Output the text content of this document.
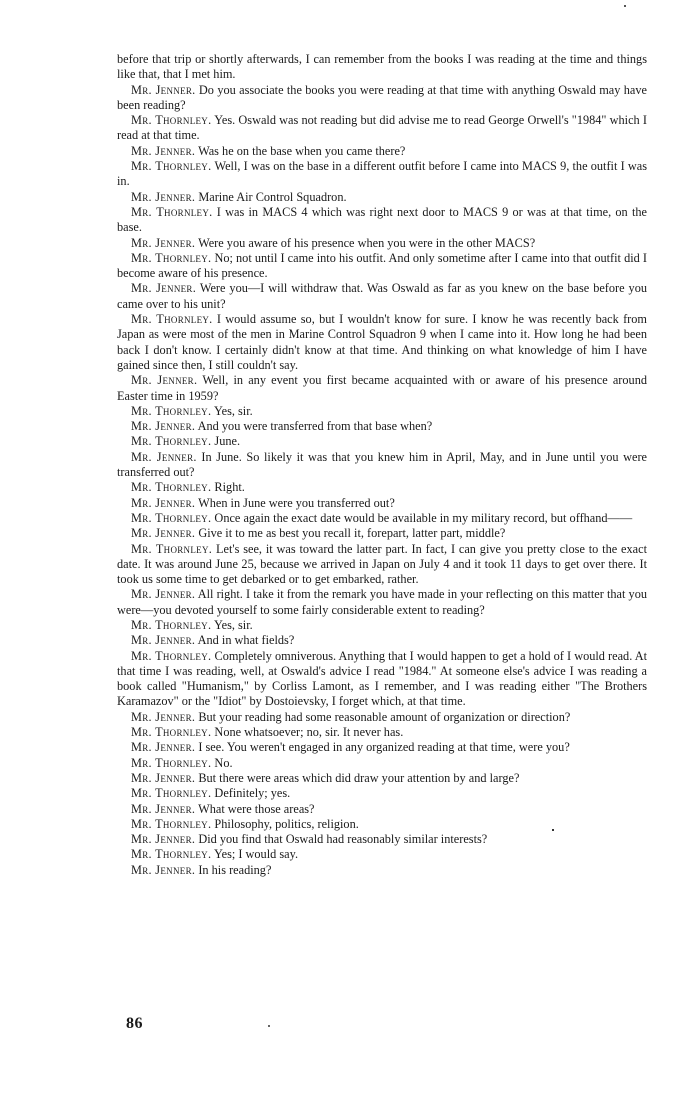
before that trip or shortly afterwards, I can remember from the books I was reading at the time and things like that, that I met him.

Mr. Jenner. Do you associate the books you were reading at that time with anything Oswald may have been reading?

Mr. Thornley. Yes. Oswald was not reading but did advise me to read George Orwell's "1984" which I read at that time.

Mr. Jenner. Was he on the base when you came there?

Mr. Thornley. Well, I was on the base in a different outfit before I came into MACS 9, the outfit I was in.

Mr. Jenner. Marine Air Control Squadron.

Mr. Thornley. I was in MACS 4 which was right next door to MACS 9 or was at that time, on the base.

Mr. Jenner. Were you aware of his presence when you were in the other MACS?

Mr. Thornley. No; not until I came into his outfit. And only sometime after I came into that outfit did I become aware of his presence.

Mr. Jenner. Were you—I will withdraw that. Was Oswald as far as you knew on the base before you came over to his unit?

Mr. Thornley. I would assume so, but I wouldn't know for sure. I know he was recently back from Japan as were most of the men in Marine Control Squadron 9 when I came into it. How long he had been back I don't know. I certainly didn't know at that time. And thinking on what knowledge of him I have gained since then, I still couldn't say.

Mr. Jenner. Well, in any event you first became acquainted with or aware of his presence around Easter time in 1959?

Mr. Thornley. Yes, sir.

Mr. Jenner. And you were transferred from that base when?

Mr. Thornley. June.

Mr. Jenner. In June. So likely it was that you knew him in April, May, and in June until you were transferred out?

Mr. Thornley. Right.

Mr. Jenner. When in June were you transferred out?

Mr. Thornley. Once again the exact date would be available in my military record, but offhand——

Mr. Jenner. Give it to me as best you recall it, forepart, latter part, middle?

Mr. Thornley. Let's see, it was toward the latter part. In fact, I can give you pretty close to the exact date. It was around June 25, because we arrived in Japan on July 4 and it took 11 days to get over there. It took us some time to get debarked or to get embarked, rather.

Mr. Jenner. All right. I take it from the remark you have made in your reflecting on this matter that you were—you devoted yourself to some fairly considerable extent to reading?

Mr. Thornley. Yes, sir.

Mr. Jenner. And in what fields?

Mr. Thornley. Completely omniverous. Anything that I would happen to get a hold of I would read. At that time I was reading, well, at Oswald's advice I read "1984." At someone else's advice I was reading a book called "Humanism," by Corliss Lamont, as I remember, and I was reading either "The Brothers Karamazov" or the "Idiot" by Dostoievsky, I forget which, at that time.

Mr. Jenner. But your reading had some reasonable amount of organization or direction?

Mr. Thornley. None whatsoever; no, sir. It never has.

Mr. Jenner. I see. You weren't engaged in any organized reading at that time, were you?

Mr. Thornley. No.

Mr. Jenner. But there were areas which did draw your attention by and large?

Mr. Thornley. Definitely; yes.

Mr. Jenner. What were those areas?

Mr. Thornley. Philosophy, politics, religion.

Mr. Jenner. Did you find that Oswald had reasonably similar interests?

Mr. Thornley. Yes; I would say.

Mr. Jenner. In his reading?

86
